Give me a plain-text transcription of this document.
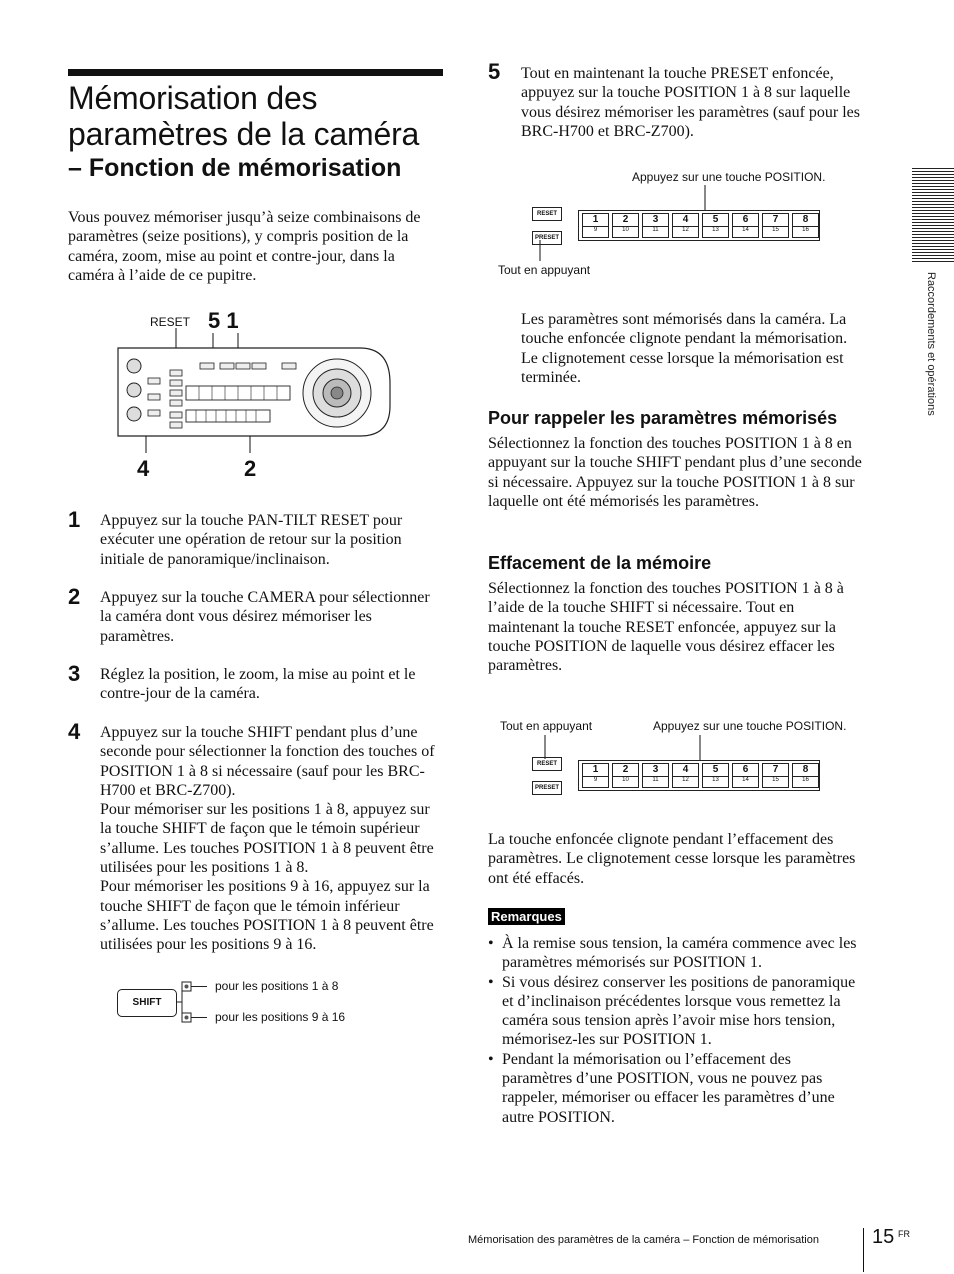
Mémorisation des
paramètres de la caméra
– Fonction de mémorisation
Vous pouvez mémoriser jusqu’à seize combinaisons de paramètres (seize positions), y compris position de la caméra, zoom, mise au point et contre-jour, dans la caméra à l’aide de ce pupitre.
RESET 5 1
4	2
1 Appuyez sur la touche PAN-TILT RESET pour exécuter une opération de retour sur la position initiale de panoramique/inclinaison.
2 Appuyez sur la touche CAMERA pour sélectionner la caméra dont vous désirez mémoriser les paramètres.
3 Réglez la position, le zoom, la mise au point et le contre-jour de la caméra.
4 Appuyez sur la touche SHIFT pendant plus d’une seconde pour sélectionner la fonction des touches of POSITION 1 à 8 si nécessaire (sauf pour les BRC-H700 et BRC-Z700).
Pour mémoriser sur les positions 1 à 8, appuyez sur la touche SHIFT de façon que le témoin supérieur s’allume. Les touches POSITION 1 à 8 peuvent être utilisées pour les positions 1 à 8.
Pour mémoriser les positions 9 à 16, appuyez sur la touche SHIFT de façon que le témoin inférieur s’allume. Les touches POSITION 1 à 8 peuvent être utilisées pour les positions 9 à 16.
SHIFT
pour les positions 1 à 8
pour les positions 9 à 16
5 Tout en maintenant la touche PRESET enfoncée, appuyez sur la touche POSITION 1 à 8 sur laquelle vous désirez mémoriser les paramètres (sauf pour les BRC-H700 et BRC-Z700).
Appuyez sur une touche POSITION.
Tout en appuyant
RESET
PRESET
1
9
2
10
3
11
4
12
5
13
6
14
7
15
8
16
Les paramètres sont mémorisés dans la caméra. La touche enfoncée clignote pendant la mémorisation. Le clignotement cesse lorsque la mémorisation est terminée.
Pour rappeler les paramètres mémorisés
Sélectionnez la fonction des touches POSITION 1 à 8 en appuyant sur la touche SHIFT pendant plus d’une seconde si nécessaire. Appuyez sur la touche POSITION 1 à 8 sur laquelle ont été mémorisés les paramètres.
Effacement de la mémoire
Sélectionnez la fonction des touches POSITION 1 à 8 à l’aide de la touche SHIFT si nécessaire. Tout en maintenant la touche RESET enfoncée, appuyez sur la touche POSITION de laquelle vous désirez effacer les paramètres.
Tout en appuyant	Appuyez sur une touche POSITION.
RESET
PRESET
1
9
2
10
3
11
4
12
5
13
6
14
7
15
8
16
La touche enfoncée clignote pendant l’effacement des paramètres. Le clignotement cesse lorsque les paramètres ont été effacés.
Remarques
• À la remise sous tension, la caméra commence avec les paramètres mémorisés sur POSITION 1.
• Si vous désirez conserver les positions de panoramique et d’inclinaison précédentes lorsque vous remettez la caméra sous tension après l’avoir mise hors tension, mémorisez-les sur POSITION 1.
• Pendant la mémorisation ou l’effacement des paramètres d’une POSITION, vous ne pouvez pas rappeler, mémoriser ou effacer les paramètres d’une autre POSITION.
Raccordements et opérations
Mémorisation des paramètres de la caméra – Fonction de mémorisation	15 FR
